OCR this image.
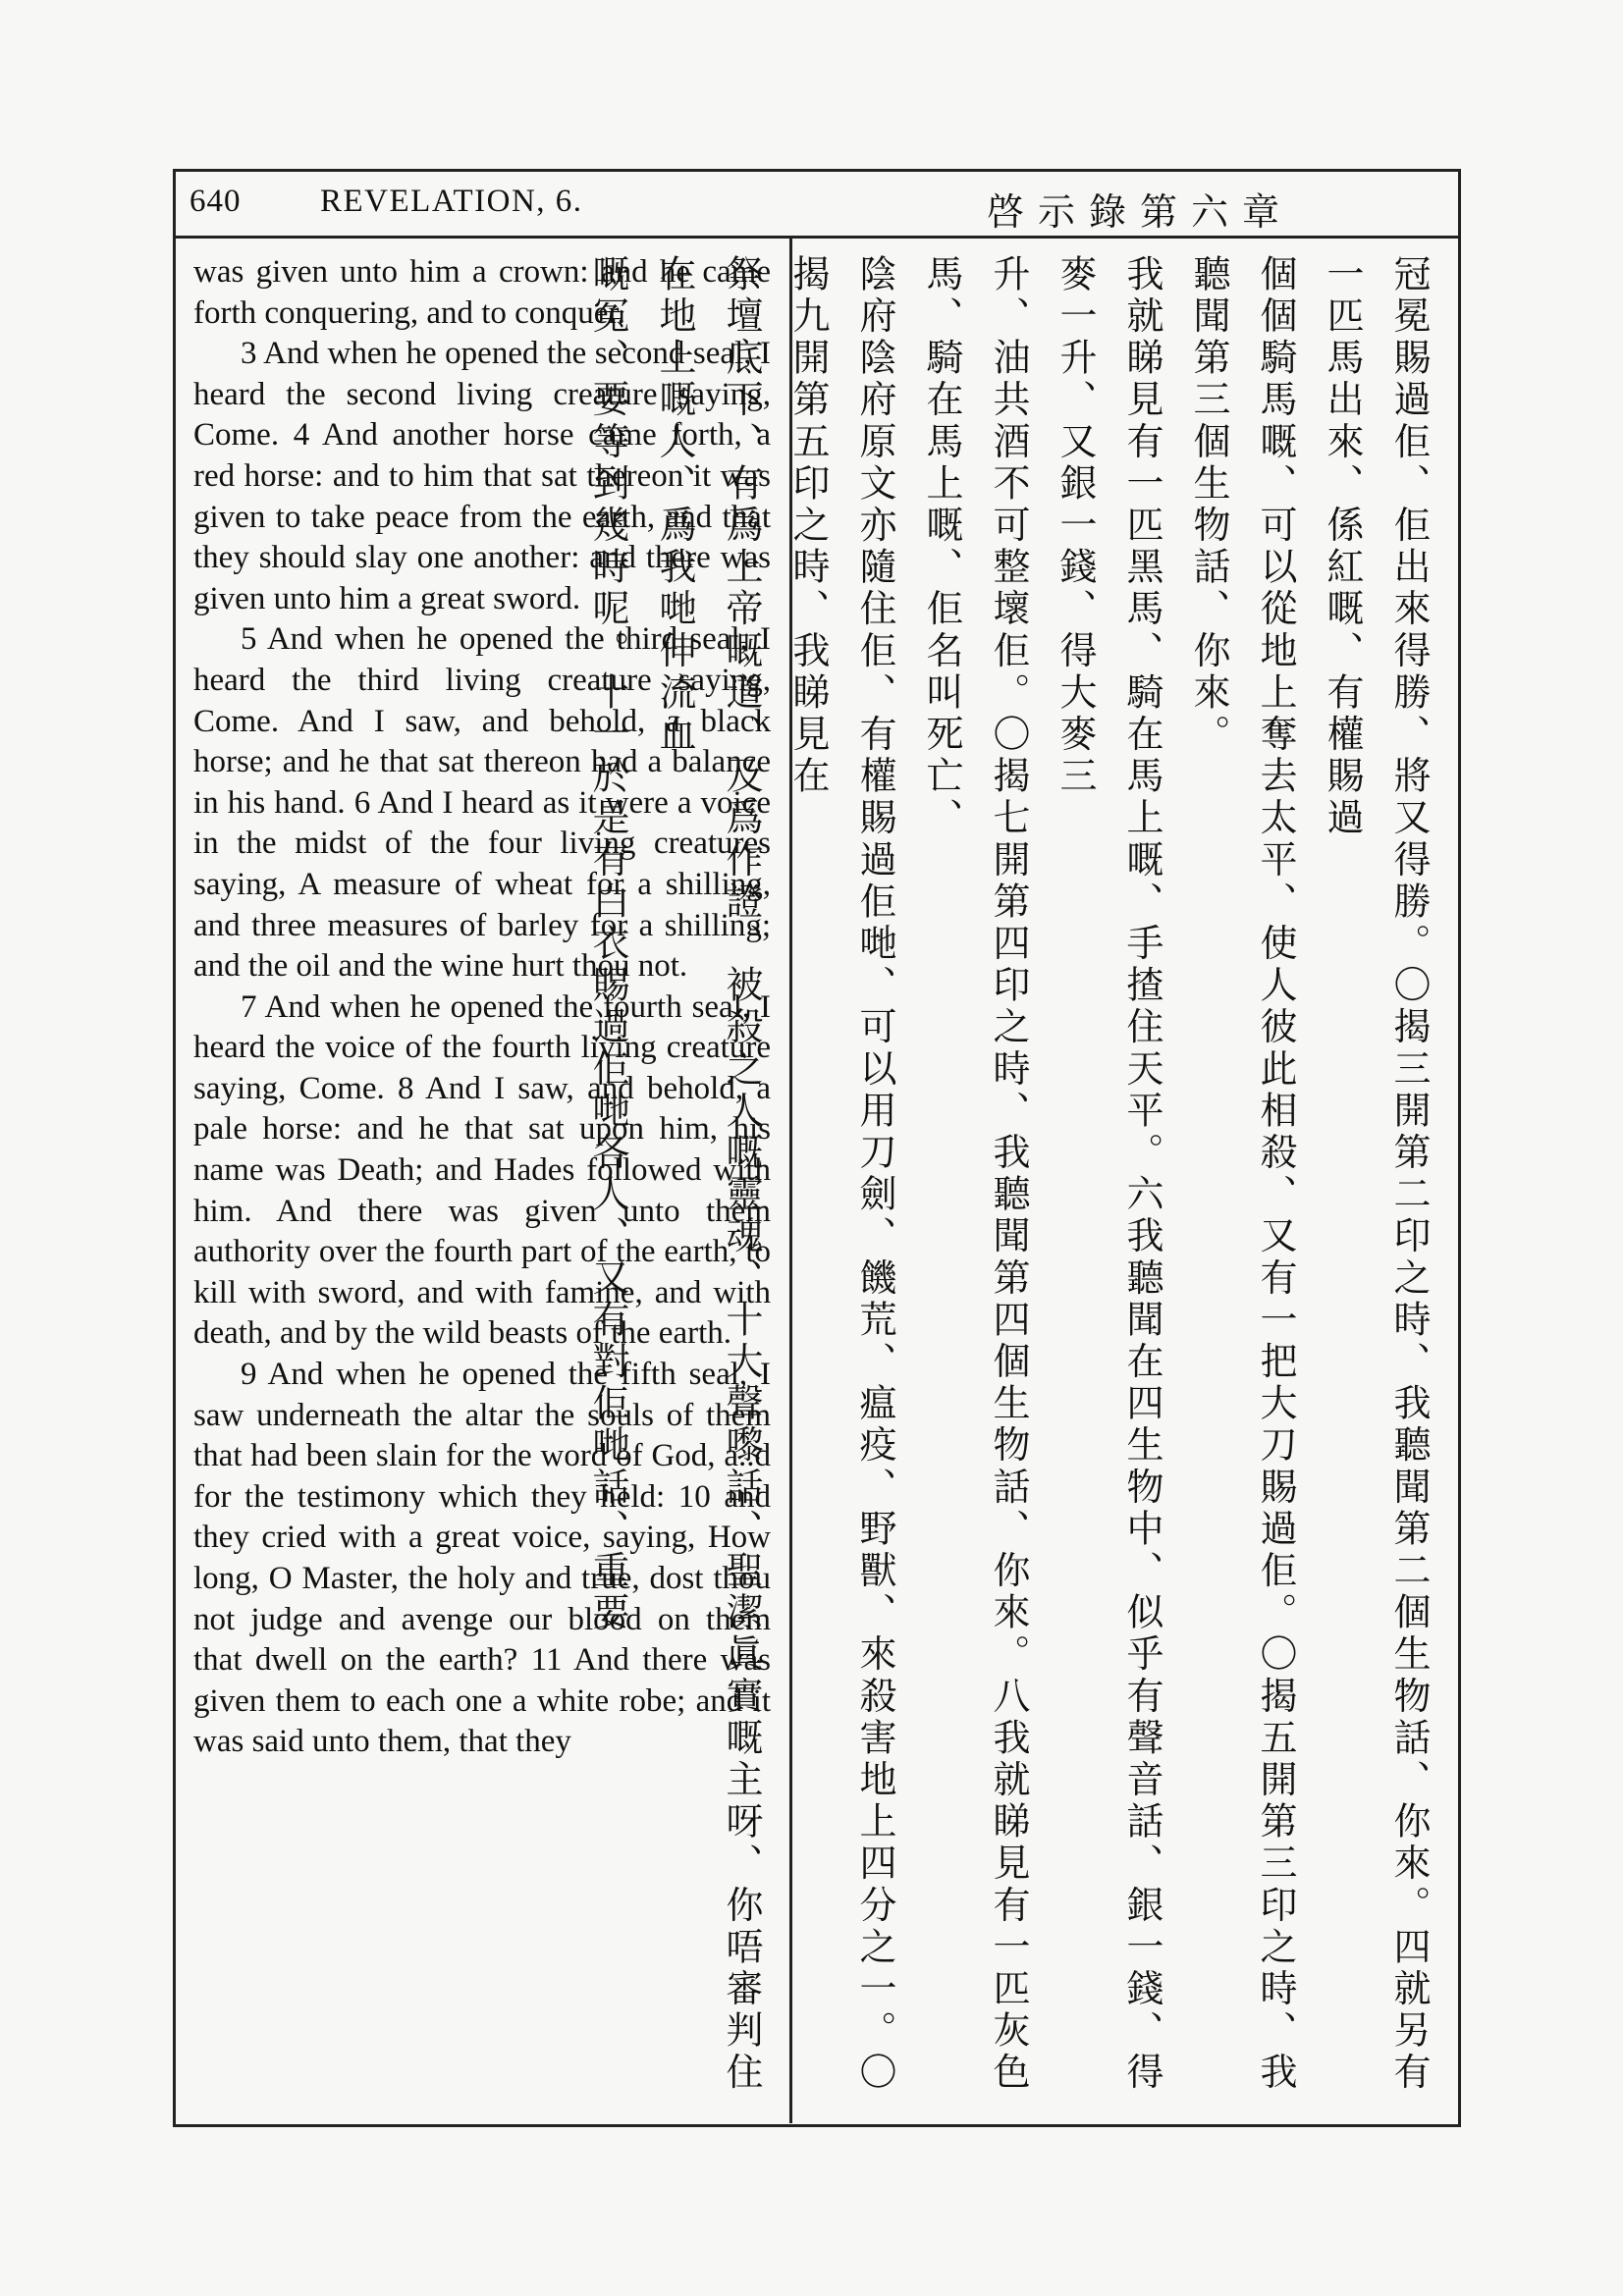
640 REVELATION, 6.	啓示錄第六章

was given unto him a crown: and he came forth conquering, and to conquer.

3 And when he opened the second seal, I heard the second living creature saying, Come. 4 And another horse came forth, a red horse: and to him that sat thereon it was given to take peace from the earth, and that they should slay one another: and there was given unto him a great sword.

5 And when he opened the third seal, I heard the third living creature saying, Come. And I saw, and behold, a black horse; and he that sat thereon had a balance in his hand. 6 And I heard as it were a voice in the midst of the four living creatures saying, A measure of wheat for a shilling, and three measures of barley for a shilling; and the oil and the wine hurt thou not.

7 And when he opened the fourth seal, I heard the voice of the fourth living creature saying, Come. 8 And I saw, and behold, a pale horse: and he that sat upon him, his name was Death; and Hades followed with him. And there was given unto them authority over the fourth part of the earth, to kill with sword, and with famine, and with death, and by the wild beasts of the earth.

9 And when he opened the fifth seal, I saw underneath the altar the souls of them that had been slain for the word of God, a..d for the testimony which they held: 10 and they cried with a great voice, saying, How long, O Master, the holy and true, dost thou not judge and avenge our blood on them that dwell on the earth? 11 And there was given them to each one a white robe; and it was said unto them, that they	冠冕賜過佢、佢出來得勝、將又得勝。〇揭三開第二印之時、我聽聞第二個生物話、你來。四就另有一匹馬出來、係紅嘅、有權賜過
個個騎馬嘅、可以從地上奪去太平、使人彼此相殺、又有一把大刀賜過佢。〇揭五開第三印之時、我聽聞第三個生物話、你來。
我就睇見有一匹黑馬、騎在馬上嘅、手揸住天平。六我聽聞在四生物中、似乎有聲音話、銀一錢、得麥一升、又銀一錢、得大麥三
升、油共酒不可整壞佢。〇揭七開第四印之時、我聽聞第四個生物話、你來。八我就睇見有一匹灰色馬、騎在馬上嘅、佢名叫死亡、
陰府陰府原文亦隨住佢、有權賜過佢哋、可以用刀劍、饑荒、瘟疫、野獸、來殺害地上四分之一。〇揭九開第五印之時、我睇見在
祭壇底下、有爲上帝嘅道、及爲作證、被殺之人嘅靈魂、十大聲嚟話、聖潔眞實嘅主呀、你唔審判住在地上嘅人、爲我哋伸流血
嘅冤、要等到幾時呢。十一於是有白衣賜過佢哋各人、又有對佢哋話、重要
